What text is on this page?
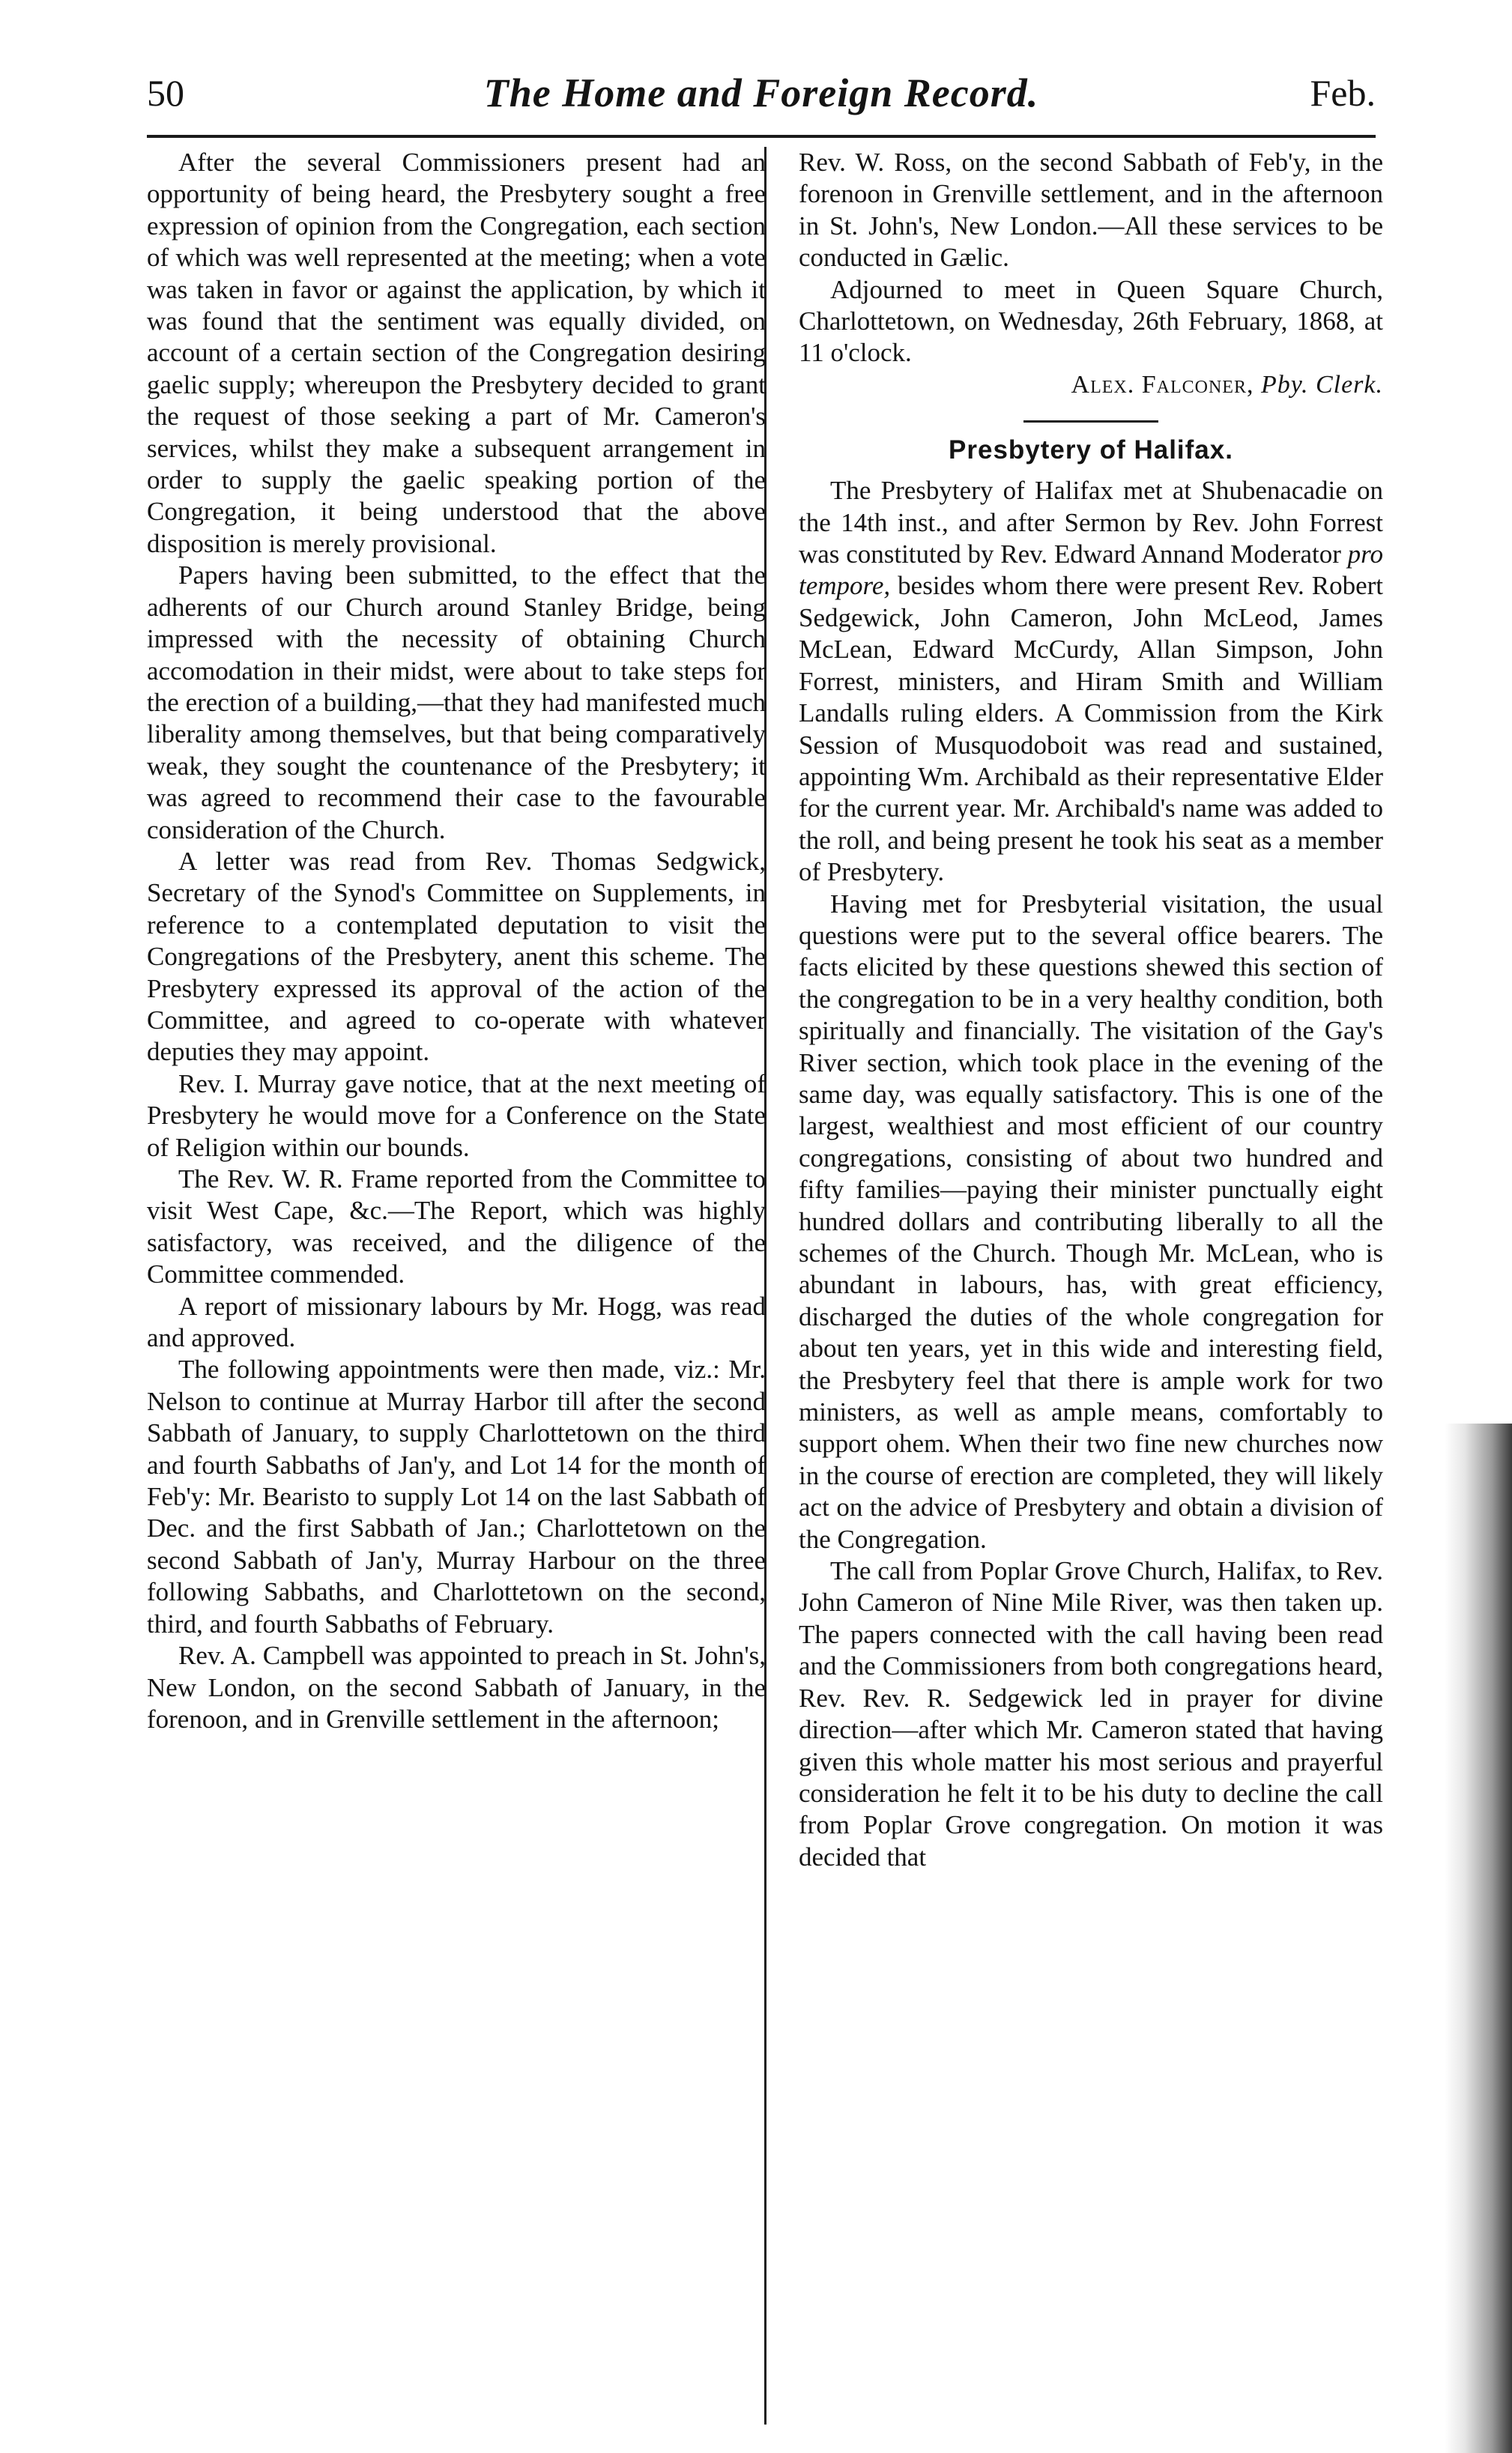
50	The Home and Foreign Record.	Feb.

After the several Commissioners present had an opportunity of being heard, the Presbytery sought a free expression of opinion from the Congregation, each section of which was well represented at the meeting; when a vote was taken in favor or against the application, by which it was found that the sentiment was equally divided, on account of a certain section of the Congregation desiring gaelic supply; whereupon the Presbytery decided to grant the request of those seeking a part of Mr. Cameron's services, whilst they make a subsequent arrangement in order to supply the gaelic speaking portion of the Congregation, it being understood that the above disposition is merely provisional.

Papers having been submitted, to the effect that the adherents of our Church around Stanley Bridge, being impressed with the necessity of obtaining Church accomodation in their midst, were about to take steps for the erection of a building,—that they had manifested much liberality among themselves, but that being comparatively weak, they sought the countenance of the Presbytery; it was agreed to recommend their case to the favourable consideration of the Church.

A letter was read from Rev. Thomas Sedgwick, Secretary of the Synod's Committee on Supplements, in reference to a contemplated deputation to visit the Congregations of the Presbytery, anent this scheme. The Presbytery expressed its approval of the action of the Committee, and agreed to co-operate with whatever deputies they may appoint.

Rev. I. Murray gave notice, that at the next meeting of Presbytery he would move for a Conference on the State of Religion within our bounds.

The Rev. W. R. Frame reported from the Committee to visit West Cape, &c.—The Report, which was highly satisfactory, was received, and the diligence of the Committee commended.

A report of missionary labours by Mr. Hogg, was read and approved.

The following appointments were then made, viz.: Mr. Nelson to continue at Murray Harbor till after the second Sabbath of January, to supply Charlottetown on the third and fourth Sabbaths of Jan'y, and Lot 14 for the month of Feb'y: Mr. Bearisto to supply Lot 14 on the last Sabbath of Dec. and the first Sabbath of Jan.; Charlottetown on the second Sabbath of Jan'y, Murray Harbour on the three following Sabbaths, and Charlottetown on the second, third, and fourth Sabbaths of February.

Rev. A. Campbell was appointed to preach in St. John's, New London, on the second Sabbath of January, in the forenoon, and in Grenville settlement in the afternoon;

Rev. W. Ross, on the second Sabbath of Feb'y, in the forenoon in Grenville settlement, and in the afternoon in St. John's, New London.—All these services to be conducted in Gælic.

Adjourned to meet in Queen Square Church, Charlottetown, on Wednesday, 26th February, 1868, at 11 o'clock.

Alex. Falconer, Pby. Clerk.

Presbytery of Halifax.

The Presbytery of Halifax met at Shubenacadie on the 14th inst., and after Sermon by Rev. John Forrest was constituted by Rev. Edward Annand Moderator pro tempore, besides whom there were present Rev. Robert Sedgewick, John Cameron, John McLeod, James McLean, Edward McCurdy, Allan Simpson, John Forrest, ministers, and Hiram Smith and William Landalls ruling elders. A Commission from the Kirk Session of Musquodoboit was read and sustained, appointing Wm. Archibald as their representative Elder for the current year. Mr. Archibald's name was added to the roll, and being present he took his seat as a member of Presbytery.

Having met for Presbyterial visitation, the usual questions were put to the several office bearers. The facts elicited by these questions shewed this section of the congregation to be in a very healthy condition, both spiritually and financially. The visitation of the Gay's River section, which took place in the evening of the same day, was equally satisfactory. This is one of the largest, wealthiest and most efficient of our country congregations, consisting of about two hundred and fifty families—paying their minister punctually eight hundred dollars and contributing liberally to all the schemes of the Church. Though Mr. McLean, who is abundant in labours, has, with great efficiency, discharged the duties of the whole congregation for about ten years, yet in this wide and interesting field, the Presbytery feel that there is ample work for two ministers, as well as ample means, comfortably to support ohem. When their two fine new churches now in the course of erection are completed, they will likely act on the advice of Presbytery and obtain a division of the Congregation.

The call from Poplar Grove Church, Halifax, to Rev. John Cameron of Nine Mile River, was then taken up. The papers connected with the call having been read and the Commissioners from both congregations heard, Rev. Rev. R. Sedgewick led in prayer for divine direction—after which Mr. Cameron stated that having given this whole matter his most serious and prayerful consideration he felt it to be his duty to decline the call from Poplar Grove congregation. On motion it was decided that
